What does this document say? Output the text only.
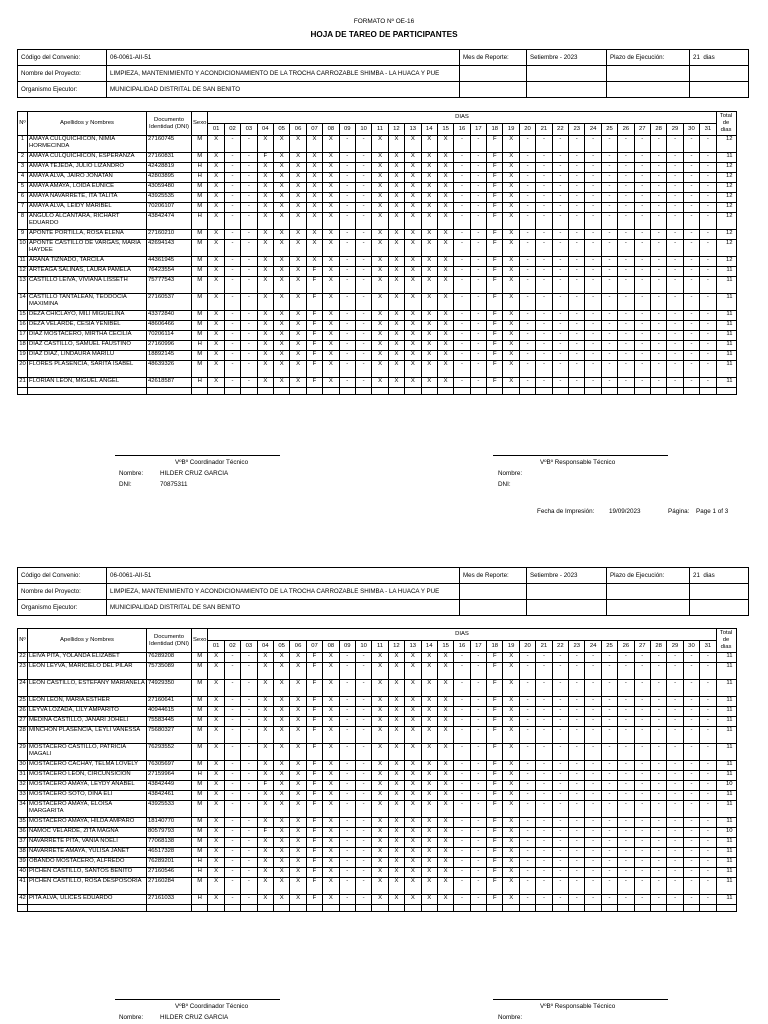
FORMATO Nº OE-16
HOJA DE TAREO DE PARTICIPANTES
Código del Convenio:	06-0061-AII-51	Mes de Reporte:	Setiembre - 2023	Plazo de Ejecución:	21 dias
Nombre del Proyecto:	LIMPIEZA, MANTENIMIENTO Y ACONDICIONAMIENTO DE LA TROCHA CARROZABLE SHIMBA - LA HUACA Y PUE				
Organismo Ejecutor:	MUNICIPALIDAD DISTRITAL DE SAN BENITO				
Nº	Apellidos y Nombres	Documento Identidad (DNI)	Sexo	DIAS																															Total de dias
				01	02	03	04	05	06	07	08	09	10	11	12	13	14	15	16	17	18	19	20	21	22	23	24	25	26	27	28	29	30	31	
1	AMAYA CULQUICHICON, NIMIA HORMECINDA	27160745	M	X	-	-	X	X	X	X	X	-	-	X	X	X	X	X	-	-	F	X	-	-	-	-	-	-	-	-	-	-	-	-	12
2	AMAYA CULQUICHICON, ESPERANZA	27160831	M	X	-	-	F	X	X	X	X	-	-	X	X	X	X	X	-	-	F	X	-	-	-	-	-	-	-	-	-	-	-	-	11
3	AMAYA TEJEDA, JULIO LIZANDRO	42428819	H	X	-	-	X	X	X	X	X	-	-	X	X	X	X	X	-	-	F	X	-	-	-	-	-	-	-	-	-	-	-	-	12
4	AMAYA ALVA, JAIRO JONATAN	42803895	H	X	-	-	X	X	X	X	X	-	-	X	X	X	X	X	-	-	F	X	-	-	-	-	-	-	-	-	-	-	-	-	12
5	AMAYA AMAYA, LOIDA EUNICE	43059480	M	X	-	-	X	X	X	X	X	-	-	X	X	X	X	X	-	-	F	X	-	-	-	-	-	-	-	-	-	-	-	-	12
6	AMAYA NAVARRETE, ITA TALITA	43925535	M	X	-	-	X	X	X	X	X	-	-	X	X	X	X	X	-	-	F	X	-	-	-	-	-	-	-	-	-	-	-	-	12
7	AMAYA ALVA, LEIDY MARIBEL	70206107	M	X	-	-	X	X	X	X	X	-	-	X	X	X	X	X	-	-	F	X	-	-	-	-	-	-	-	-	-	-	-	-	12
8	ANGULO ALCANTARA, RICHART EDUARDO	43842474	H	X	-	-	X	X	X	X	X	-	-	X	X	X	X	X	-	-	F	X	-	-	-	-	-	-	-	-	-	-	-	-	12
9	APONTE PORTILLA, ROSA ELENA	27160210	M	X	-	-	X	X	X	X	X	-	-	X	X	X	X	X	-	-	F	X	-	-	-	-	-	-	-	-	-	-	-	-	12
10	APONTE CASTILLO DE VARGAS, MARIA HAYDEE	42694143	M	X	-	-	X	X	X	X	X	-	-	X	X	X	X	X	-	-	F	X	-	-	-	-	-	-	-	-	-	-	-	-	12
11	ARANA TIZNADO, TARCILA	44361945	M	X	-	-	X	X	X	X	X	-	-	X	X	X	X	X	-	-	F	X	-	-	-	-	-	-	-	-	-	-	-	-	12
12	ARTEAGA SALINAS, LAURA PAMELA	76423554	M	X	-	-	X	X	X	F	X	-	-	X	X	X	X	X	-	-	F	X	-	-	-	-	-	-	-	-	-	-	-	-	11
13	CASTILLO LEIVA, VIVIANA LISSETH	75777543	M	X	-	-	X	X	X	F	X	-	-	X	X	X	X	X	-	-	F	X	-	-	-	-	-	-	-	-	-	-	-	-	11
14	CASTILLO TANTALEAN, TEODOCIA MAXIMINA	27160537	M	X	-	-	X	X	X	F	X	-	-	X	X	X	X	X	-	-	F	X	-	-	-	-	-	-	-	-	-	-	-	-	11
15	DEZA CHICLAYO, MILI MIGUELINA	43372840	M	X	-	-	X	X	X	F	X	-	-	X	X	X	X	X	-	-	F	X	-	-	-	-	-	-	-	-	-	-	-	-	11
16	DEZA VELARDE, CESIA YENIBEL	48606466	M	X	-	-	X	X	X	F	X	-	-	X	X	X	X	X	-	-	F	X	-	-	-	-	-	-	-	-	-	-	-	-	11
17	DIAZ MOSTACERO, MIRTHA CECILIA	70206114	M	X	-	-	X	X	X	F	X	-	-	X	X	X	X	X	-	-	F	X	-	-	-	-	-	-	-	-	-	-	-	-	11
18	DIAZ CASTILLO, SAMUEL FAUSTINO	27160996	H	X	-	-	X	X	X	F	X	-	-	X	X	X	X	X	-	-	F	X	-	-	-	-	-	-	-	-	-	-	-	-	11
19	DIAZ DIAZ, LINDAURA MARILU	18892145	M	X	-	-	X	X	X	F	X	-	-	X	X	X	X	X	-	-	F	X	-	-	-	-	-	-	-	-	-	-	-	-	11
20	FLORES PLASENCIA, SARITA ISABEL	48639326	M	X	-	-	X	X	X	F	X	-	-	X	X	X	X	X	-	-	F	X	-	-	-	-	-	-	-	-	-	-	-	-	11
21	FLORIAN LEON, MIGUEL ANGEL	42618587	H	X	-	-	X	X	X	F	X	-	-	X	X	X	X	X	-	-	F	X	-	-	-	-	-	-	-	-	-	-	-	-	11

VºBº Coordinador Técnico
Nombre:	HILDER CRUZ GARCIA
DNI:	70875311
VºBº Responsable Técnico
Nombre:
DNI:
Fecha de Impresión: 19/09/2023	Página: Page 1 of 3
Código del Convenio:	06-0061-AII-51	Mes de Reporte:	Setiembre - 2023	Plazo de Ejecución:	21 dias
Nombre del Proyecto:	LIMPIEZA, MANTENIMIENTO Y ACONDICIONAMIENTO DE LA TROCHA CARROZABLE SHIMBA - LA HUACA Y PUE				
Organismo Ejecutor:	MUNICIPALIDAD DISTRITAL DE SAN BENITO				
Nº	Apellidos y Nombres	Documento Identidad (DNI)	Sexo	DIAS																															Total de dias
				01	02	03	04	05	06	07	08	09	10	11	12	13	14	15	16	17	18	19	20	21	22	23	24	25	26	27	28	29	30	31	
22	LEIVA PITA, YOLANDA ELIZABET	76289208	M	X	-	-	X	X	X	F	X	-	-	X	X	X	X	X	-	-	F	X	-	-	-	-	-	-	-	-	-	-	-	-	11
23	LEON LEYVA, MARICIELO DEL PILAR	75735089	M	X	-	-	X	X	X	F	X	-	-	X	X	X	X	X	-	-	F	X	-	-	-	-	-	-	-	-	-	-	-	-	11
24	LEON CASTILLO, ESTEFANY MARIANELA	74929350	M	X	-	-	X	X	X	F	X	-	-	X	X	X	X	X	-	-	F	X	-	-	-	-	-	-	-	-	-	-	-	-	11
25	LEON LEON, MARIA ESTHER	27160641	M	X	-	-	X	X	X	F	X	-	-	X	X	X	X	X	-	-	F	X	-	-	-	-	-	-	-	-	-	-	-	-	11
26	LEYVA LOZADA, LILY AMPARITO	40944615	M	X	-	-	X	X	X	F	X	-	-	X	X	X	X	X	-	-	F	X	-	-	-	-	-	-	-	-	-	-	-	-	11
27	MEDINA CASTILLO, JANARI JOHELI	75583445	M	X	-	-	X	X	X	F	X	-	-	X	X	X	X	X	-	-	F	X	-	-	-	-	-	-	-	-	-	-	-	-	11
28	MINCHON PLASENCIA, LEYLI VANESSA	75680327	M	X	-	-	X	X	X	F	X	-	-	X	X	X	X	X	-	-	F	X	-	-	-	-	-	-	-	-	-	-	-	-	11
29	MOSTACERO CASTILLO, PATRICIA MAGALI	76293552	M	X	-	-	X	X	X	F	X	-	-	X	X	X	X	X	-	-	F	X	-	-	-	-	-	-	-	-	-	-	-	-	11
30	MOSTACERO CACHAY, TELMA LOVELY	76305697	M	X	-	-	X	X	X	F	X	-	-	X	X	X	X	X	-	-	F	X	-	-	-	-	-	-	-	-	-	-	-	-	11
31	MOSTACERO LEON, CIRCUNSICION	27159964	H	X	-	-	X	X	X	F	X	-	-	X	X	X	X	X	-	-	F	X	-	-	-	-	-	-	-	-	-	-	-	-	11
32	MOSTACERO AMAYA, LEYDY ANABEL	43842449	M	X	-	-	F	X	X	F	X	-	-	X	X	X	X	X	-	-	F	X	-	-	-	-	-	-	-	-	-	-	-	-	10
33	MOSTACERO SOTO, DINA ELI	43842461	M	X	-	-	X	X	X	F	X	-	-	X	X	X	X	X	-	-	F	X	-	-	-	-	-	-	-	-	-	-	-	-	11
34	MOSTACERO AMAYA, ELOISA MARGARITA	43925533	M	X	-	-	X	X	X	F	X	-	-	X	X	X	X	X	-	-	F	X	-	-	-	-	-	-	-	-	-	-	-	-	11
35	MOSTACERO AMAYA, HILDA AMPARO	18140770	M	X	-	-	X	X	X	F	X	-	-	X	X	X	X	X	-	-	F	X	-	-	-	-	-	-	-	-	-	-	-	-	11
36	NAMOC VELARDE, ZITA MAGNA	80579793	M	X	-	-	F	X	X	F	X	-	-	X	X	X	X	X	-	-	F	X	-	-	-	-	-	-	-	-	-	-	-	-	10
37	NAVARRETE PITA, VANIA NOELI	77068138	M	X	-	-	X	X	X	F	X	-	-	X	X	X	X	X	-	-	F	X	-	-	-	-	-	-	-	-	-	-	-	-	11
38	NAVARRETE AMAYA, YULISA JANET	46517328	M	X	-	-	X	X	X	F	X	-	-	X	X	X	X	X	-	-	F	X	-	-	-	-	-	-	-	-	-	-	-	-	11
39	OBANDO MOSTACERO, ALFREDO	76289201	H	X	-	-	X	X	X	F	X	-	-	X	X	X	X	X	-	-	F	X	-	-	-	-	-	-	-	-	-	-	-	-	11
40	PICHEN CASTILLO, SANTOS BENITO	27160546	H	X	-	-	X	X	X	F	X	-	-	X	X	X	X	X	-	-	F	X	-	-	-	-	-	-	-	-	-	-	-	-	11
41	PICHEN CASTILLO, ROSA DESPOSORIA	27160284	M	X	-	-	X	X	X	F	X	-	-	X	X	X	X	X	-	-	F	X	-	-	-	-	-	-	-	-	-	-	-	-	11
42	PITA ALVA, ULICES EDUARDO	27161033	H	X	-	-	X	X	X	F	X	-	-	X	X	X	X	X	-	-	F	X	-	-	-	-	-	-	-	-	-	-	-	-	11

VºBº Coordinador Técnico
Nombre:	HILDER CRUZ GARCIA
VºBº Responsable Técnico
Nombre:
